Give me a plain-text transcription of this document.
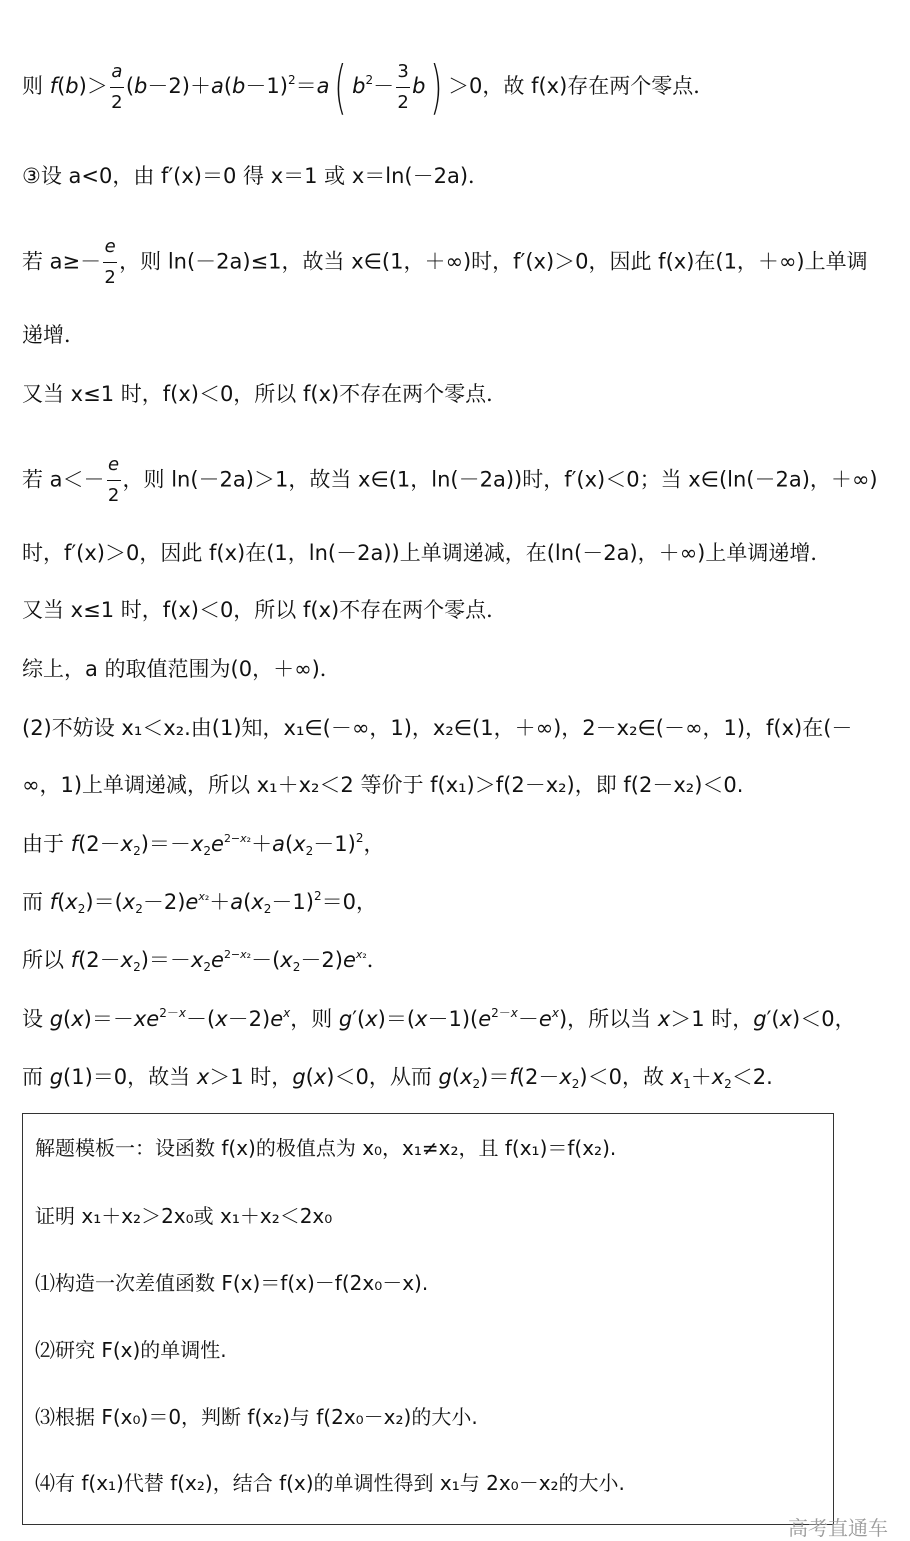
则 $f(b)> \frac{a}{2} (b-2)+a(b-1)^2=a$( $b^2- \frac{3}{2} b) >0$，故 f(x)存在两个零点．
③设 a<0，由 f′(x)＝0 得 x＝1 或 x＝ln(－2a)．
若 $a\ge- \frac{e}{2}$ ，则 ln(－2a)≤1，故当 x∈(1，＋∞)时，f′(x)＞0，因此 f(x)在(1，＋∞)上单调
递增．
又当 x≤1 时，f(x)＜0，所以 f(x)不存在两个零点．
若 $a<- \frac{e}{2}$ ，则 ln(－2a)＞1，故当 x∈(1，ln(－2a))时，f′(x)＜0；当 x∈(ln(－2a)，＋∞)
时，f′(x)＞0，因此 f(x)在(1，ln(－2a))上单调递减，在(ln(－2a)，＋∞)上单调递增．
又当 x≤1 时，f(x)＜0，所以 f(x)不存在两个零点．
综上，a 的取值范围为(0，＋∞)．
(2)不妨设 x₁＜x₂.由(1)知，x₁∈(－∞，1)，x₂∈(1，＋∞)，2－x₂∈(－∞，1)，f(x)在(－
∞，1)上单调递减，所以 x₁＋x₂＜2 等价于 f(x₁)＞f(2－x₂)，即 f(2－x₂)＜0.
由于 $f(2-x_2)=-x_2e^{2-x_2}+a(x_2-1)^2$，
而 $f(x_2)=(x_2-2)e^{x_2}+a(x_2-1)^2=0$，
所以 $f(2-x_2)=-x_2e^{2-x_2}-(x_2-2)e^{x_2}$．
设 $g(x)=-xe^{2-x}-(x-2)e^x$，则 $g'(x)=(x-1)(e^{2-x}-e^x)$，所以当 x＞1 时，g′(x)＜0，
而 g(1)＝0，故当 x＞1 时，g(x)＜0，从而 $g(x_2)=f(2-x_2)<0$，故 $x_1+x_2<2$.
解题模板一：设函数 f(x)的极值点为 x₀，x₁≠x₂，且 f(x₁)＝f(x₂).
证明 x₁＋x₂＞2x₀或 x₁＋x₂＜2x₀
⑴构造一次差值函数 F(x)＝f(x)－f(2x₀－x).
⑵研究 F(x)的单调性.
⑶根据 F(x₀)＝0，判断 f(x₂)与 f(2x₀－x₂)的大小.
⑷有 f(x₁)代替 f(x₂)，结合 f(x)的单调性得到 x₁与 2x₀－x₂的大小.
高考直通车
